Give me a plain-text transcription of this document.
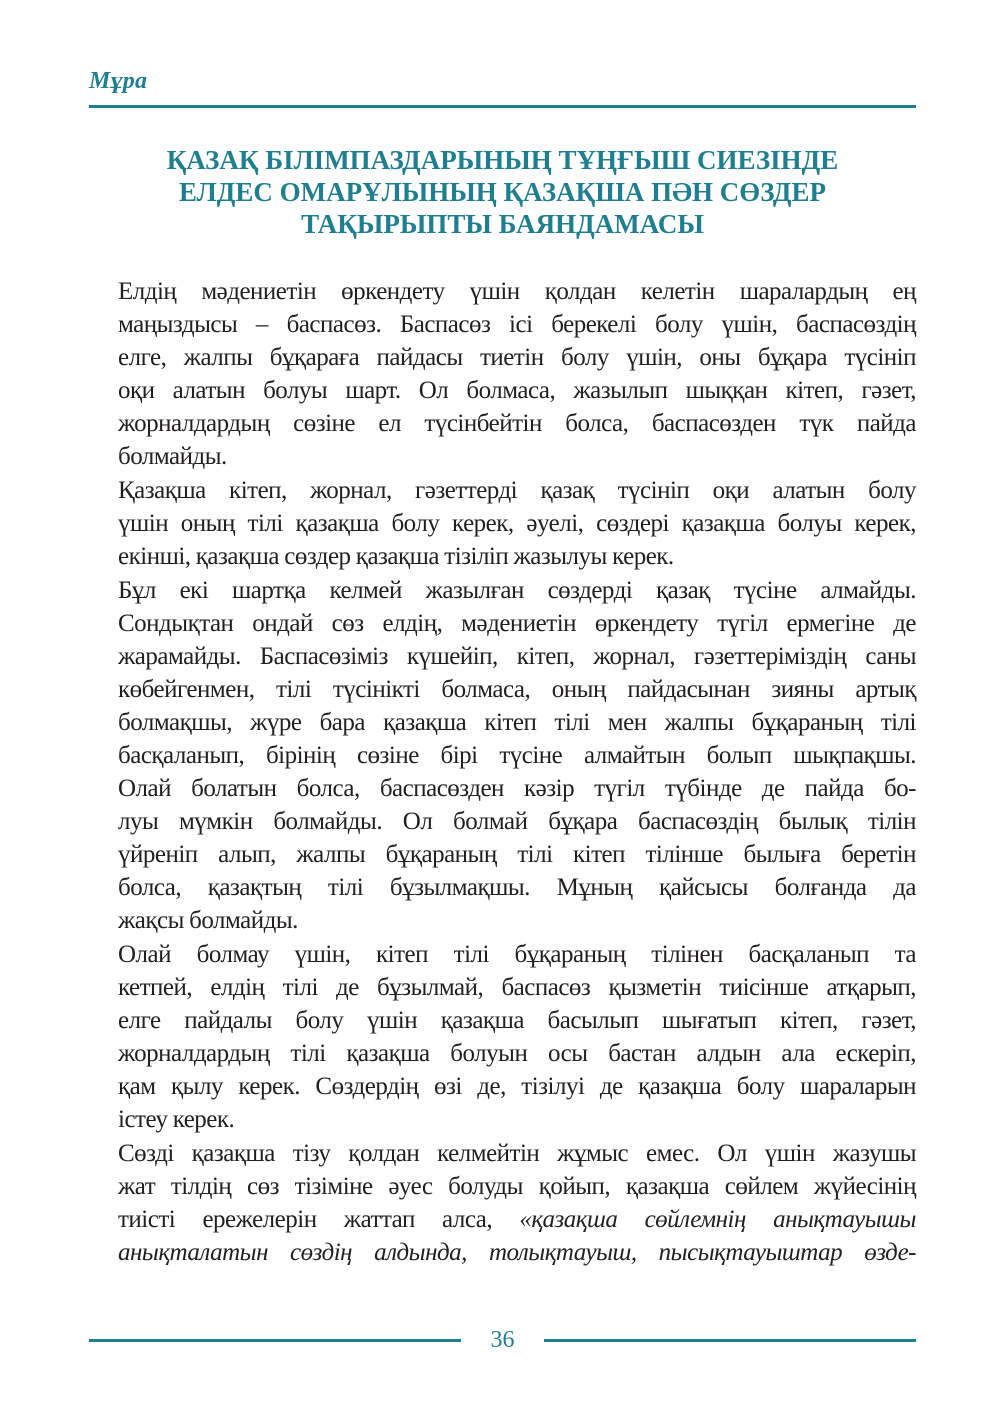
Мұра
ҚАЗАҚ БІЛІМПАЗДАРЫНЫҢ ТҰҢҒЫШ СИЕЗІНДЕ
ЕЛДЕС ОМАРҰЛЫНЫҢ ҚАЗАҚША ПӘН СӨЗДЕР
ТАҚЫРЫПТЫ БАЯНДАМАСЫ

Елдің мәдениетін өркендету үшін қолдан келетін шаралардың ең
маңыздысы – баспасөз. Баспасөз ісі берекелі болу үшін, баспасөздің
елге, жалпы бұқараға пайдасы тиетін болу үшін, оны бұқара түсініп
оқи алатын болуы шарт. Ол болмаса, жазылып шыққан кітеп, гәзет,
жорналдардың сөзіне ел түсінбейтін болса, баспасөзден түк пайда
болмайды.

Қазақша кітеп, жорнал, гәзеттерді қазақ түсініп оқи алатын болу
үшін оның тілі қазақша болу керек, әуелі, сөздері қазақша болуы керек,
екінші, қазақша сөздер қазақша тізіліп жазылуы керек.

Бұл екі шартқа келмей жазылған сөздерді қазақ түсіне алмайды.
Сондықтан ондай сөз елдің, мәдениетін өркендету түгіл ермегіне де
жарамайды. Баспасөзіміз күшейіп, кітеп, жорнал, гәзеттеріміздің саны
көбейгенмен, тілі түсінікті болмаса, оның пайдасынан зияны артық
болмақшы, жүре бара қазақша кітеп тілі мен жалпы бұқараның тілі
басқаланып, бірінің сөзіне бірі түсіне алмайтын болып шықпақшы.
Олай болатын болса, баспасөзден кәзір түгіл түбінде де пайда бо-
луы мүмкін болмайды. Ол болмай бұқара баспасөздің былық тілін
үйреніп алып, жалпы бұқараның тілі кітеп тілінше былыға беретін
болса, қазақтың тілі бұзылмақшы. Мұның қайсысы болғанда да
жақсы болмайды.

Олай болмау үшін, кітеп тілі бұқараның тілінен басқаланып та
кетпей, елдің тілі де бұзылмай, баспасөз қызметін тиісінше атқарып,
елге пайдалы болу үшін қазақша басылып шығатып кітеп, гәзет,
жорналдардың тілі қазақша болуын осы бастан алдын ала ескеріп,
қам қылу керек. Сөздердің өзі де, тізілуі де қазақша болу шараларын
істеу керек.

Сөзді қазақша тізу қолдан келмейтін жұмыс емес. Ол үшін жазушы
жат тілдің сөз тізіміне әуес болуды қойып, қазақша сөйлем жүйесінің
тиісті ережелерін жаттап алса, «қазақша сөйлемнің анықтауышы
анықталатын сөздің алдында, толықтауыш, пысықтауыштар өзде-

36
